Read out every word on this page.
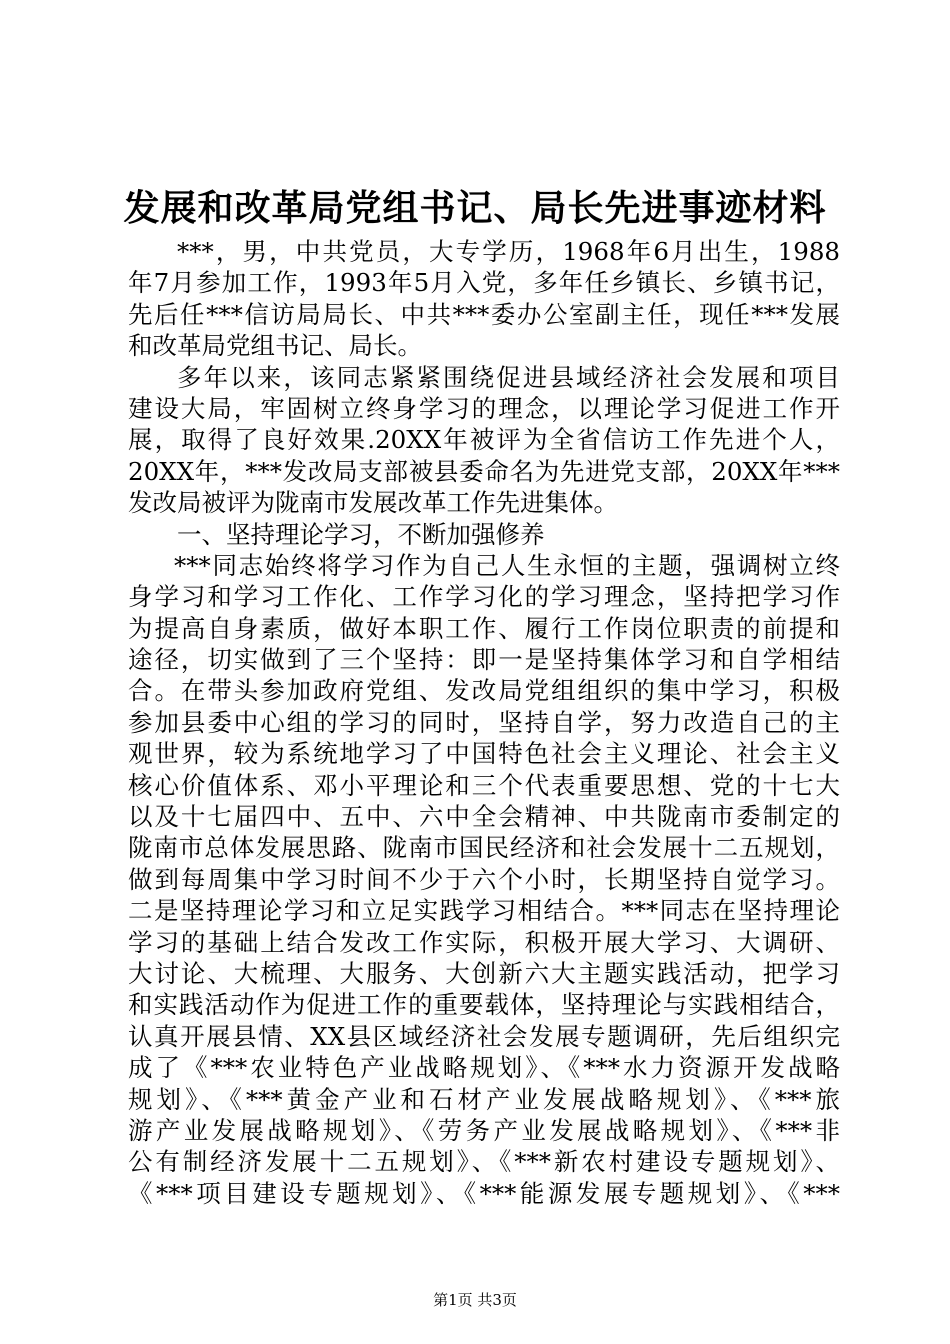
发展和改革局党组书记、局长先进事迹材料
***，男，中共党员，大专学历，1968年6月出生，1988
年7月参加工作，1993年5月入党，多年任乡镇长、乡镇书记，
先后任***信访局局长、中共***委办公室副主任，现任***发展
和改革局党组书记、局长。
多年以来，该同志紧紧围绕促进县域经济社会发展和项目
建设大局，牢固树立终身学习的理念，以理论学习促进工作开
展，取得了良好效果.20XX年被评为全省信访工作先进个人，
20XX年，***发改局支部被县委命名为先进党支部，20XX年***
发改局被评为陇南市发展改革工作先进集体。
一、坚持理论学习，不断加强修养
***同志始终将学习作为自己人生永恒的主题，强调树立终
身学习和学习工作化、工作学习化的学习理念，坚持把学习作
为提高自身素质，做好本职工作、履行工作岗位职责的前提和
途径，切实做到了三个坚持：即一是坚持集体学习和自学相结
合。在带头参加政府党组、发改局党组组织的集中学习，积极
参加县委中心组的学习的同时，坚持自学，努力改造自己的主
观世界，较为系统地学习了中国特色社会主义理论、社会主义
核心价值体系、邓小平理论和三个代表重要思想、党的十七大
以及十七届四中、五中、六中全会精神、中共陇南市委制定的
陇南市总体发展思路、陇南市国民经济和社会发展十二五规划，
做到每周集中学习时间不少于六个小时，长期坚持自觉学习。
二是坚持理论学习和立足实践学习相结合。***同志在坚持理论
学习的基础上结合发改工作实际，积极开展大学习、大调研、
大讨论、大梳理、大服务、大创新六大主题实践活动，把学习
和实践活动作为促进工作的重要载体，坚持理论与实践相结合，
认真开展县情、XX县区域经济社会发展专题调研，先后组织完
成了《***农业特色产业战略规划》、《***水力资源开发战略
规划》、《***黄金产业和石材产业发展战略规划》、《***旅
游产业发展战略规划》、《劳务产业发展战略规划》、《***非
公有制经济发展十二五规划》、《***新农村建设专题规划》、
《***项目建设专题规划》、《***能源发展专题规划》、《***
第1页 共3页
